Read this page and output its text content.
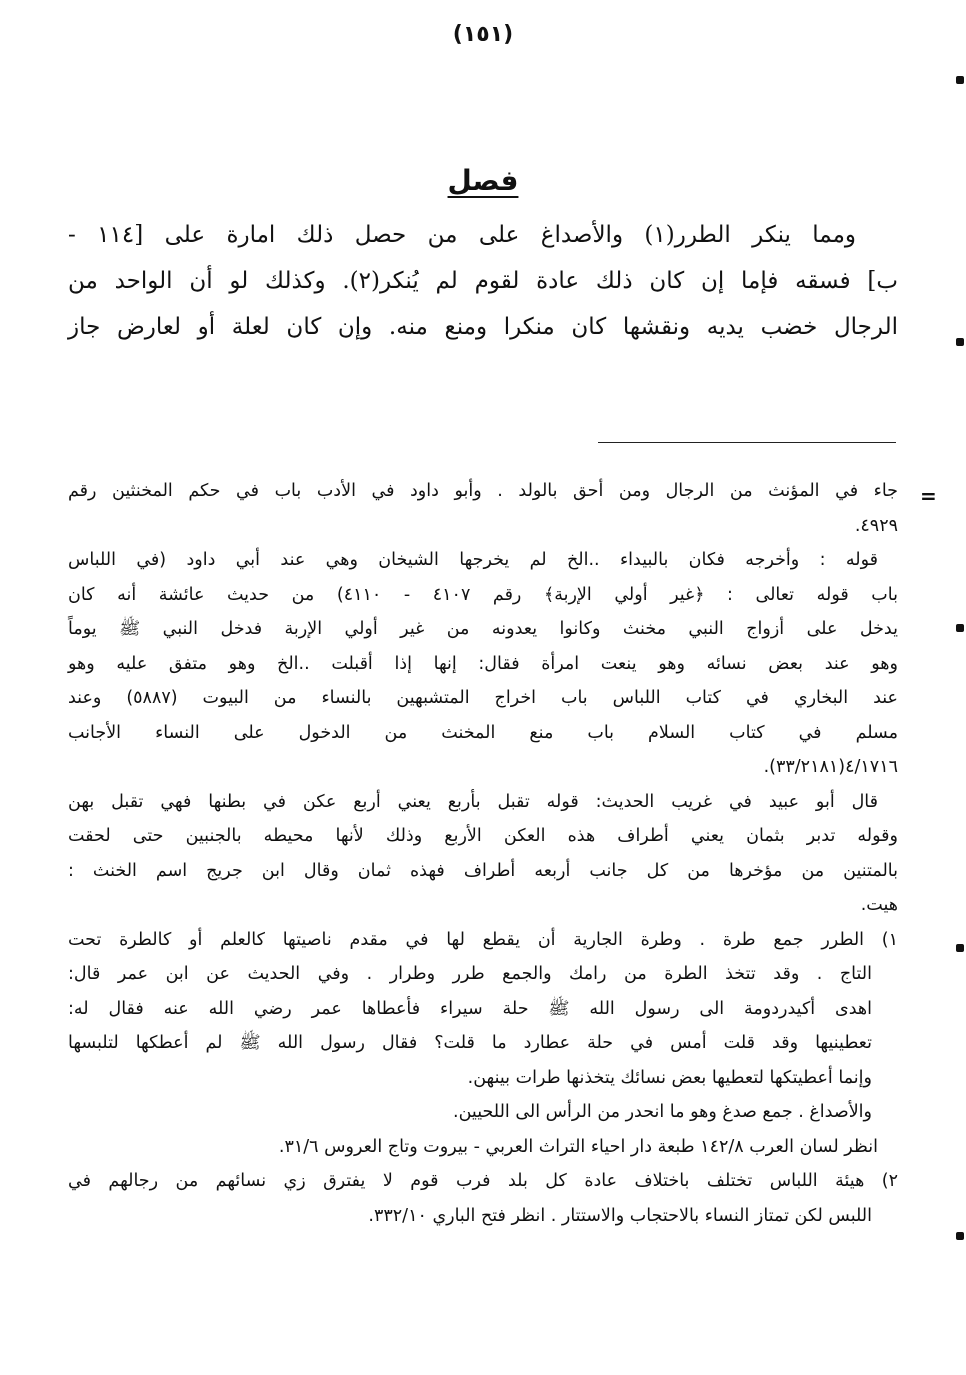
(١٥١)
فصل
ومما ينكر الطرر(١) والأصداغ على من حصل ذلك امارة على [١١٤ -
ب] فسقه فإما إن كان ذلك عادة لقوم لم يُنكر(٢). وكذلك لو أن الواحد من
الرجال خضب يديه ونقشها كان منكرا ومنع منه. وإن كان لعلة أو لعارض جاز
=
جاء في المؤنث من الرجال ومن أحق بالولد . وأبو داود في الأدب باب في حكم المخنثين رقم
٤٩٢٩.
قوله : وأخرجه فكان بالبيداء ..الخ لم يخرجها الشيخان وهي عند أبي داود (في اللباس
باب قوله تعالى : ﴿غير أولي الإربة﴾ رقم ٤١٠٧ - ٤١١٠) من حديث عائشة أنه كان
يدخل على أزواج النبي مخنث وكانوا يعدونه من غير أولي الإربة فدخل النبي ﷺ يوماً
وهو عند بعض نسائه وهو ينعت امرأة فقال: إنها إذا أقبلت ..الخ وهو متفق عليه وهو
عند البخاري في كتاب اللباس باب اخراج المتشبهين بالنساء من البيوت (٥٨٨٧) وعند
مسلم في كتاب السلام باب منع المخنث من الدخول على النساء الأجانب
٤/١٧١٦(٣٣/٢١٨١).
قال أبو عبيد في غريب الحديث: قوله تقبل بأربع يعني أربع عكن في بطنها فهي تقبل بهن
وقوله تدبر بثمان يعني أطراف هذه العكن الأربع وذلك لأنها محيطه بالجنبين حتى لحقت
بالمتنين من مؤخرها من كل جانب أربعه أطراف فهذه ثمان وقال ابن جريج اسم الخنث :
هيت.
١) الطرر جمع طرة . وطرة الجارية أن يقطع لها في مقدم ناصيتها كالعلم أو كالطرة تحت
التاج . وقد تتخذ الطرة من رامك والجمع طرر وطرار . وفي الحديث عن ابن عمر قال:
اهدى أكيدردومة الى رسول الله ﷺ حلة سيراء فأعطاها عمر رضي الله عنه فقال له:
تعطينيها وقد قلت أمس في حلة عطارد ما قلت؟ فقال رسول الله ﷺ لم أعطكها لتلبسها
وإنما أعطيتكها لتعطيها بعض نسائك يتخذنها طرات بينهن.
والأصداغ . جمع صدغ وهو ما انحدر من الرأس الى اللحيين.
انظر لسان العرب ١٤٢/٨ طبعة دار احياء التراث العربي - بيروت وتاج العروس ٣١/٦.
٢) هيئة اللباس تختلف باختلاف عادة كل بلد فرب قوم لا يفترق زي نسائهم من رجالهم في
اللبس لكن تمتاز النساء بالاحتجاب والاستتار . انظر فتح الباري ٣٣٢/١٠.
